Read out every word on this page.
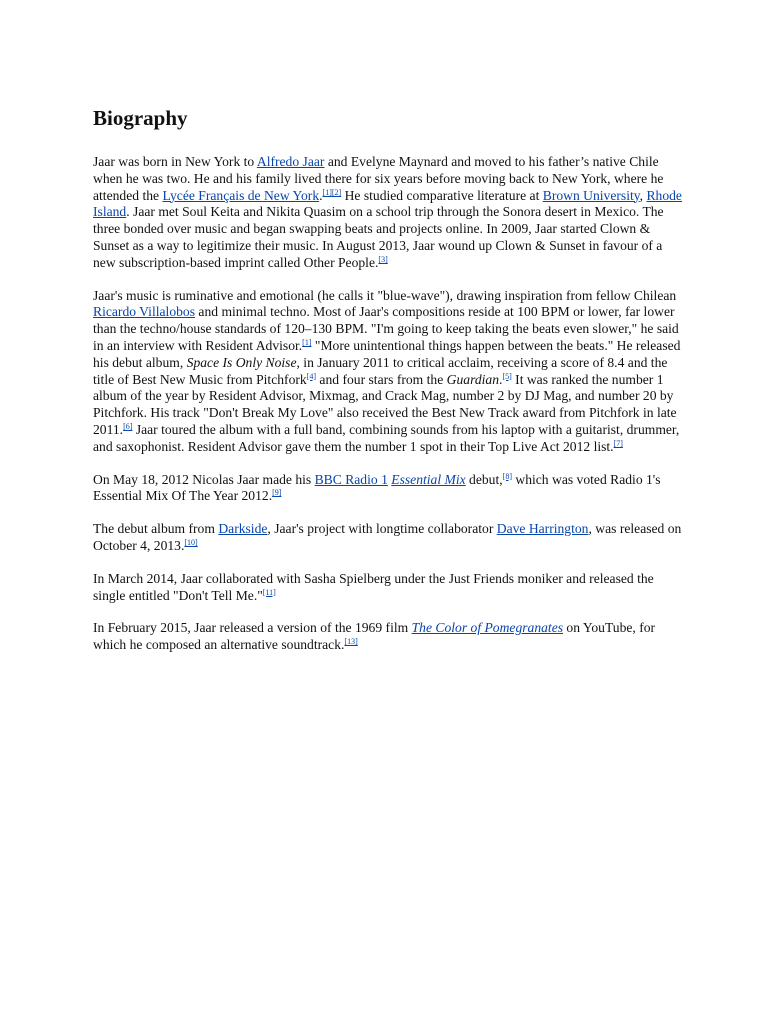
Biography

Jaar was born in New York to Alfredo Jaar and Evelyne Maynard and moved to his father’s native Chile when he was two. He and his family lived there for six years before moving back to New York, where he attended the Lycée Français de New York.[1][2] He studied comparative literature at Brown University, Rhode Island. Jaar met Soul Keita and Nikita Quasim on a school trip through the Sonora desert in Mexico. The three bonded over music and began swapping beats and projects online. In 2009, Jaar started Clown & Sunset as a way to legitimize their music. In August 2013, Jaar wound up Clown & Sunset in favour of a new subscription-based imprint called Other People.[3]

Jaar's music is ruminative and emotional (he calls it "blue-wave"), drawing inspiration from fellow Chilean Ricardo Villalobos and minimal techno. Most of Jaar's compositions reside at 100 BPM or lower, far lower than the techno/house standards of 120–130 BPM. "I'm going to keep taking the beats even slower," he said in an interview with Resident Advisor.[1] "More unintentional things happen between the beats." He released his debut album, Space Is Only Noise, in January 2011 to critical acclaim, receiving a score of 8.4 and the title of Best New Music from Pitchfork[4] and four stars from the Guardian.[5] It was ranked the number 1 album of the year by Resident Advisor, Mixmag, and Crack Mag, number 2 by DJ Mag, and number 20 by Pitchfork. His track "Don't Break My Love" also received the Best New Track award from Pitchfork in late 2011.[6] Jaar toured the album with a full band, combining sounds from his laptop with a guitarist, drummer, and saxophonist. Resident Advisor gave them the number 1 spot in their Top Live Act 2012 list.[7]

On May 18, 2012 Nicolas Jaar made his BBC Radio 1 Essential Mix debut,[8] which was voted Radio 1's Essential Mix Of The Year 2012.[9]

The debut album from Darkside, Jaar's project with longtime collaborator Dave Harrington, was released on October 4, 2013.[10]

In March 2014, Jaar collaborated with Sasha Spielberg under the Just Friends moniker and released the single entitled "Don't Tell Me."[11]

In February 2015, Jaar released a version of the 1969 film The Color of Pomegranates on YouTube, for which he composed an alternative soundtrack.[13]
